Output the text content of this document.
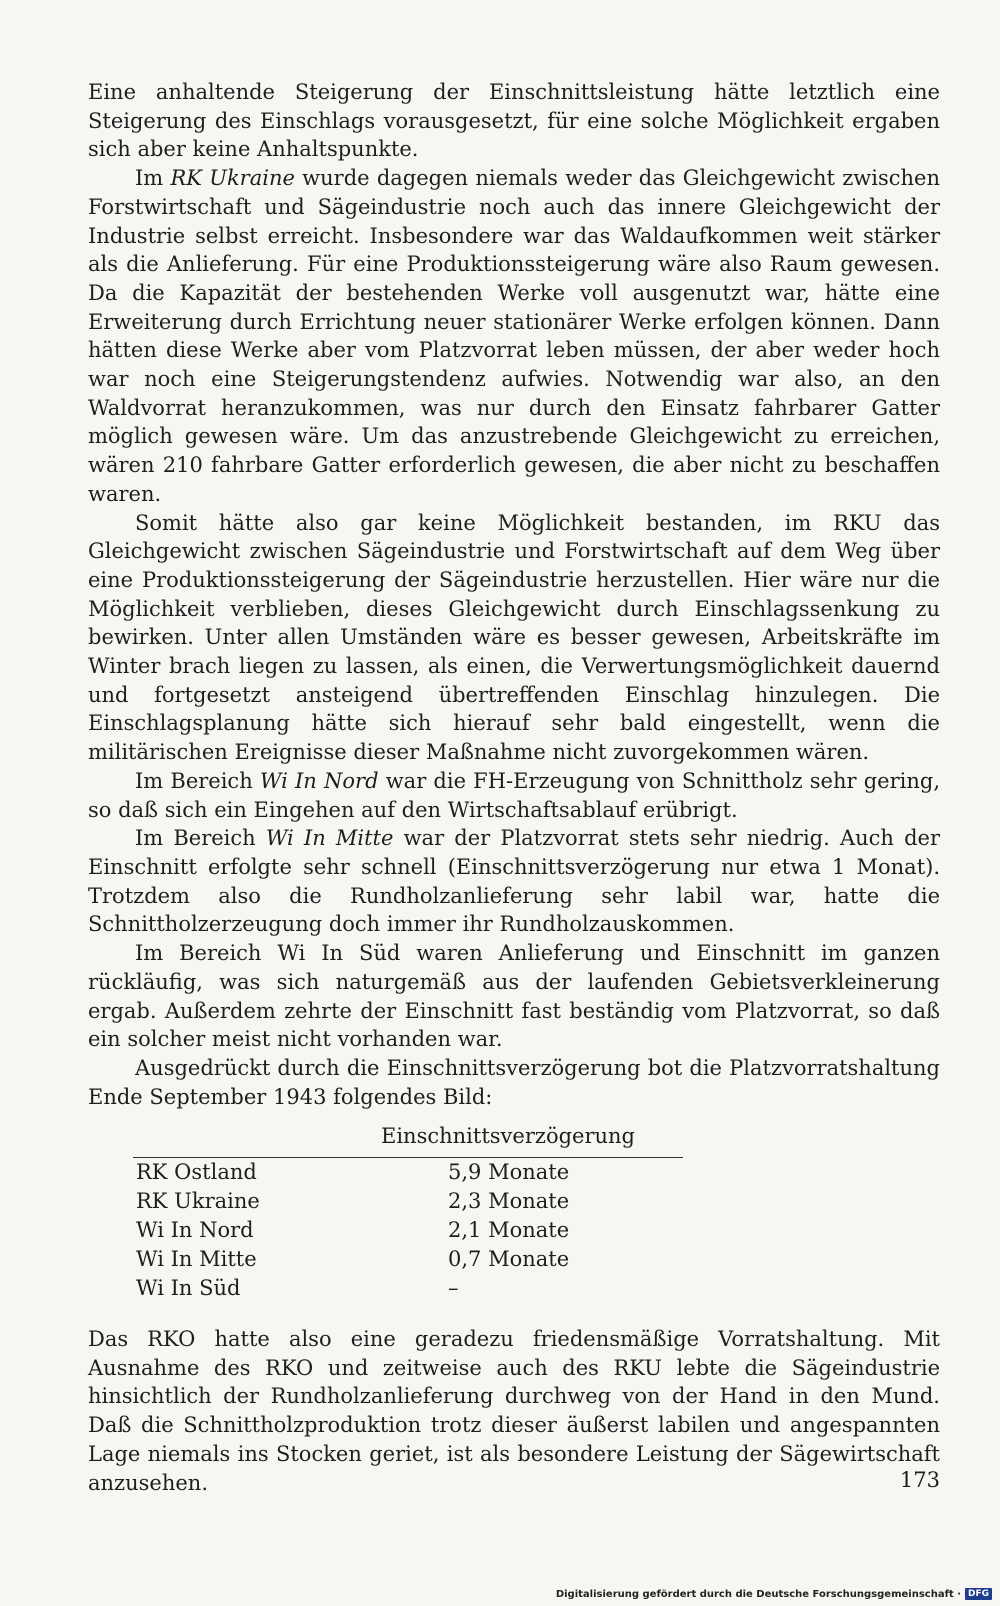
Eine anhaltende Steigerung der Einschnittsleistung hätte letztlich eine Steigerung des Einschlags vorausgesetzt, für eine solche Möglichkeit ergaben sich aber keine Anhaltspunkte.

Im RK Ukraine wurde dagegen niemals weder das Gleichgewicht zwischen Forstwirtschaft und Sägeindustrie noch auch das innere Gleichgewicht der Industrie selbst erreicht. Insbesondere war das Waldaufkommen weit stärker als die Anlieferung. Für eine Produktionssteigerung wäre also Raum gewesen. Da die Kapazität der bestehenden Werke voll ausgenutzt war, hätte eine Erweiterung durch Errichtung neuer stationärer Werke erfolgen können. Dann hätten diese Werke aber vom Platzvorrat leben müssen, der aber weder hoch war noch eine Steigerungstendenz aufwies. Notwendig war also, an den Waldvorrat heranzukommen, was nur durch den Einsatz fahrbarer Gatter möglich gewesen wäre. Um das anzustrebende Gleichgewicht zu erreichen, wären 210 fahrbare Gatter erforderlich gewesen, die aber nicht zu beschaffen waren.

Somit hätte also gar keine Möglichkeit bestanden, im RKU das Gleichgewicht zwischen Sägeindustrie und Forstwirtschaft auf dem Weg über eine Produktionssteigerung der Sägeindustrie herzustellen. Hier wäre nur die Möglichkeit verblieben, dieses Gleichgewicht durch Einschlagssenkung zu bewirken. Unter allen Umständen wäre es besser gewesen, Arbeitskräfte im Winter brach liegen zu lassen, als einen, die Verwertungsmöglichkeit dauernd und fortgesetzt ansteigend übertreffenden Einschlag hinzulegen. Die Einschlagsplanung hätte sich hierauf sehr bald eingestellt, wenn die militärischen Ereignisse dieser Maßnahme nicht zuvorgekommen wären.

Im Bereich Wi In Nord war die FH-Erzeugung von Schnittholz sehr gering, so daß sich ein Eingehen auf den Wirtschaftsablauf erübrigt.

Im Bereich Wi In Mitte war der Platzvorrat stets sehr niedrig. Auch der Einschnitt erfolgte sehr schnell (Einschnittsverzögerung nur etwa 1 Monat). Trotzdem also die Rundholzanlieferung sehr labil war, hatte die Schnittholzerzeugung doch immer ihr Rundholzauskommen.

Im Bereich Wi In Süd waren Anlieferung und Einschnitt im ganzen rückläufig, was sich naturgemäß aus der laufenden Gebietsverkleinerung ergab. Außerdem zehrte der Einschnitt fast beständig vom Platzvorrat, so daß ein solcher meist nicht vorhanden war.

Ausgedrückt durch die Einschnittsverzögerung bot die Platzvorratshaltung Ende September 1943 folgendes Bild:

Einschnittsverzögerung
RK Ostland	5,9 Monate
RK Ukraine	2,3 Monate
Wi In Nord	2,1 Monate
Wi In Mitte	0,7 Monate
Wi In Süd	–

Das RKO hatte also eine geradezu friedensmäßige Vorratshaltung. Mit Ausnahme des RKO und zeitweise auch des RKU lebte die Sägeindustrie hinsichtlich der Rundholzanlieferung durchweg von der Hand in den Mund. Daß die Schnittholzproduktion trotz dieser äußerst labilen und angespannten Lage niemals ins Stocken geriet, ist als besondere Leistung der Sägewirtschaft anzusehen.	173
Digitalisierung gefördert durch die Deutsche Forschungsgemeinschaft · DFG
